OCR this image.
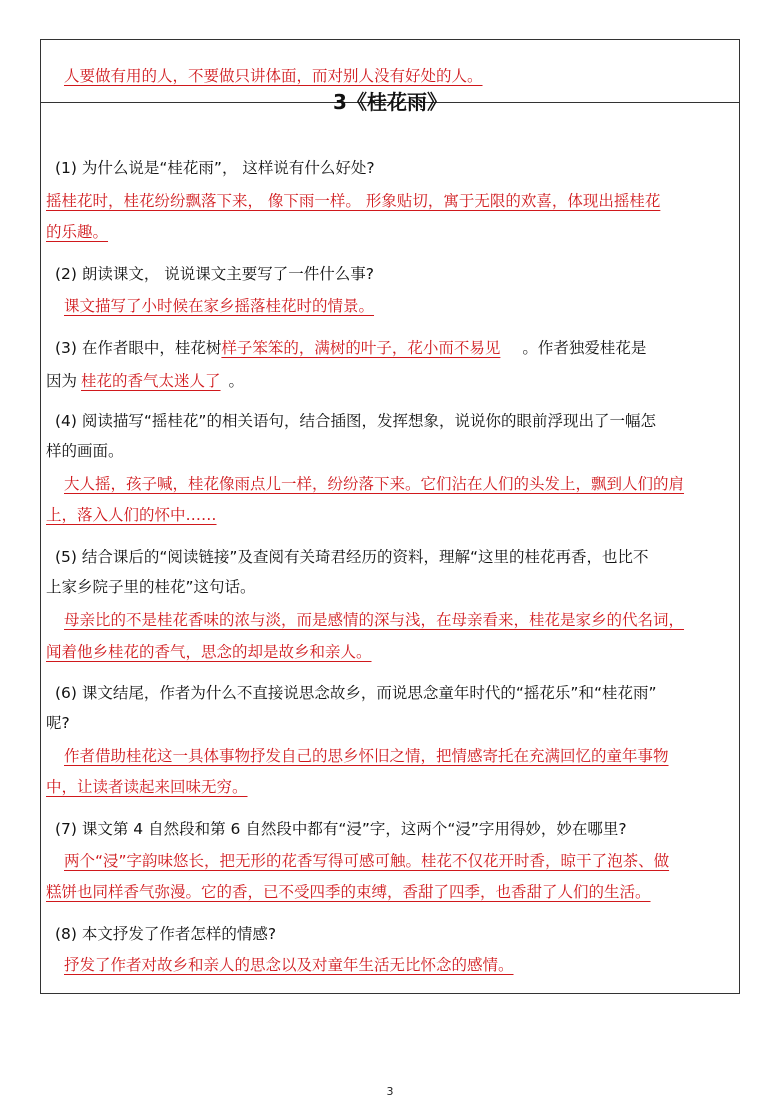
人要做有用的人，不要做只讲体面，而对别人没有好处的人。
3《桂花雨》
(1) 为什么说是“桂花雨”， 这样说有什么好处?
摇桂花时，桂花纷纷飘落下来， 像下雨一样。 形象贴切，寓于无限的欢喜，体现出摇桂花
的乐趣。
(2) 朗读课文， 说说课文主要写了一件什么事?
课文描写了小时候在家乡摇落桂花时的情景。
(3) 在作者眼中，桂花树样子笨笨的，满树的叶子，花小而不易见 。作者独爱桂花是
因为 桂花的香气太迷人了 。
(4) 阅读描写“摇桂花”的相关语句，结合插图，发挥想象，说说你的眼前浮现出了一幅怎
样的画面。
大人摇，孩子喊，桂花像雨点儿一样，纷纷落下来。它们沾在人们的头发上，飘到人们的肩
上，落入人们的怀中……
(5) 结合课后的“阅读链接”及查阅有关琦君经历的资料，理解“这里的桂花再香，也比不
上家乡院子里的桂花”这句话。
母亲比的不是桂花香味的浓与淡，而是感情的深与浅，在母亲看来，桂花是家乡的代名词，
闻着他乡桂花的香气，思念的却是故乡和亲人。
(6) 课文结尾，作者为什么不直接说思念故乡，而说思念童年时代的“摇花乐”和“桂花雨”
呢?
作者借助桂花这一具体事物抒发自己的思乡怀旧之情，把情感寄托在充满回忆的童年事物
中，让读者读起来回味无穷。
(7) 课文第 4 自然段和第 6 自然段中都有“浸”字，这两个“浸”字用得妙，妙在哪里?
两个“浸”字韵味悠长，把无形的花香写得可感可触。桂花不仅花开时香，晾干了泡茶、做
糕饼也同样香气弥漫。它的香，已不受四季的束缚，香甜了四季，也香甜了人们的生活。
(8) 本文抒发了作者怎样的情感?
抒发了作者对故乡和亲人的思念以及对童年生活无比怀念的感情。
3
